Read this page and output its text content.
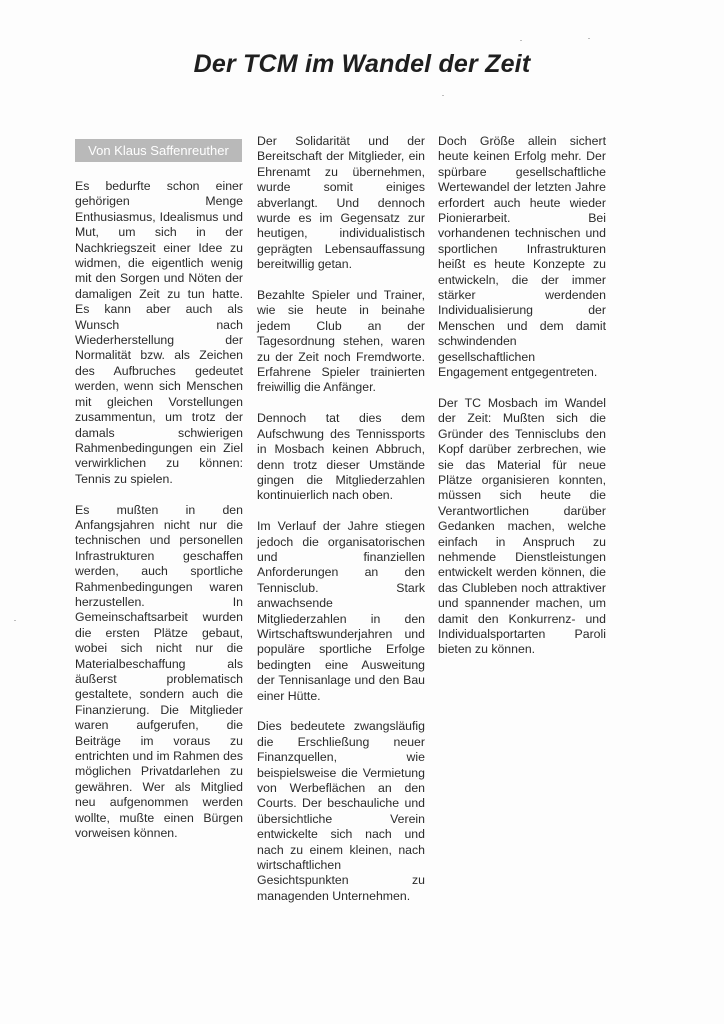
Der TCM im Wandel der Zeit
Von Klaus Saffenreuther

Es bedurfte schon einer gehörigen Menge Enthusiasmus, Idealismus und Mut, um sich in der Nachkriegszeit einer Idee zu widmen, die eigentlich wenig mit den Sorgen und Nöten der damaligen Zeit zu tun hatte. Es kann aber auch als Wunsch nach Wiederherstellung der Normalität bzw. als Zeichen des Aufbruches gedeutet werden, wenn sich Menschen mit gleichen Vorstellungen zusammentun, um trotz der damals schwierigen Rahmenbedingungen ein Ziel verwirklichen zu können: Tennis zu spielen.

Es mußten in den Anfangsjahren nicht nur die technischen und personellen Infrastrukturen geschaffen werden, auch sportliche Rahmenbedingungen waren herzustellen. In Gemeinschaftsarbeit wurden die ersten Plätze gebaut, wobei sich nicht nur die Materialbeschaffung als äußerst problematisch gestaltete, sondern auch die Finanzierung. Die Mitglieder waren aufgerufen, die Beiträge im voraus zu entrichten und im Rahmen des möglichen Privatdarlehen zu gewähren. Wer als Mitglied neu aufgenommen werden wollte, mußte einen Bürgen vorweisen können.

Der Solidarität und der Bereitschaft der Mitglieder, ein Ehrenamt zu übernehmen, wurde somit einiges abverlangt. Und dennoch wurde es im Gegensatz zur heutigen, individualistisch geprägten Lebensauffassung bereitwillig getan.

Bezahlte Spieler und Trainer, wie sie heute in beinahe jedem Club an der Tagesordnung stehen, waren zu der Zeit noch Fremdworte. Erfahrene Spieler trainierten freiwillig die Anfänger.

Dennoch tat dies dem Aufschwung des Tennissports in Mosbach keinen Abbruch, denn trotz dieser Umstände gingen die Mitgliederzahlen kontinuierlich nach oben.

Im Verlauf der Jahre stiegen jedoch die organisatorischen und finanziellen Anforderungen an den Tennisclub. Stark anwachsende Mitgliederzahlen in den Wirtschaftswunderjahren und populäre sportliche Erfolge bedingten eine Ausweitung der Tennisanlage und den Bau einer Hütte.

Dies bedeutete zwangsläufig die Erschließung neuer Finanzquellen, wie beispielsweise die Vermietung von Werbeflächen an den Courts. Der beschauliche und übersichtliche Verein entwickelte sich nach und nach zu einem kleinen, nach wirtschaftlichen Gesichtspunkten zu managenden Unternehmen.

Doch Größe allein sichert heute keinen Erfolg mehr. Der spürbare gesellschaftliche Wertewandel der letzten Jahre erfordert auch heute wieder Pionierarbeit. Bei vorhandenen technischen und sportlichen Infrastrukturen heißt es heute Konzepte zu entwickeln, die der immer stärker werdenden Individualisierung der Menschen und dem damit schwindenden gesellschaftlichen Engagement entgegentreten.

Der TC Mosbach im Wandel der Zeit: Mußten sich die Gründer des Tennisclubs den Kopf darüber zerbrechen, wie sie das Material für neue Plätze organisieren konnten, müssen sich heute die Verantwortlichen darüber Gedanken machen, welche einfach in Anspruch zu nehmende Dienstleistungen entwickelt werden können, die das Clubleben noch attraktiver und spannender machen, um damit den Konkurrenz- und Individualsportarten Paroli bieten zu können.
